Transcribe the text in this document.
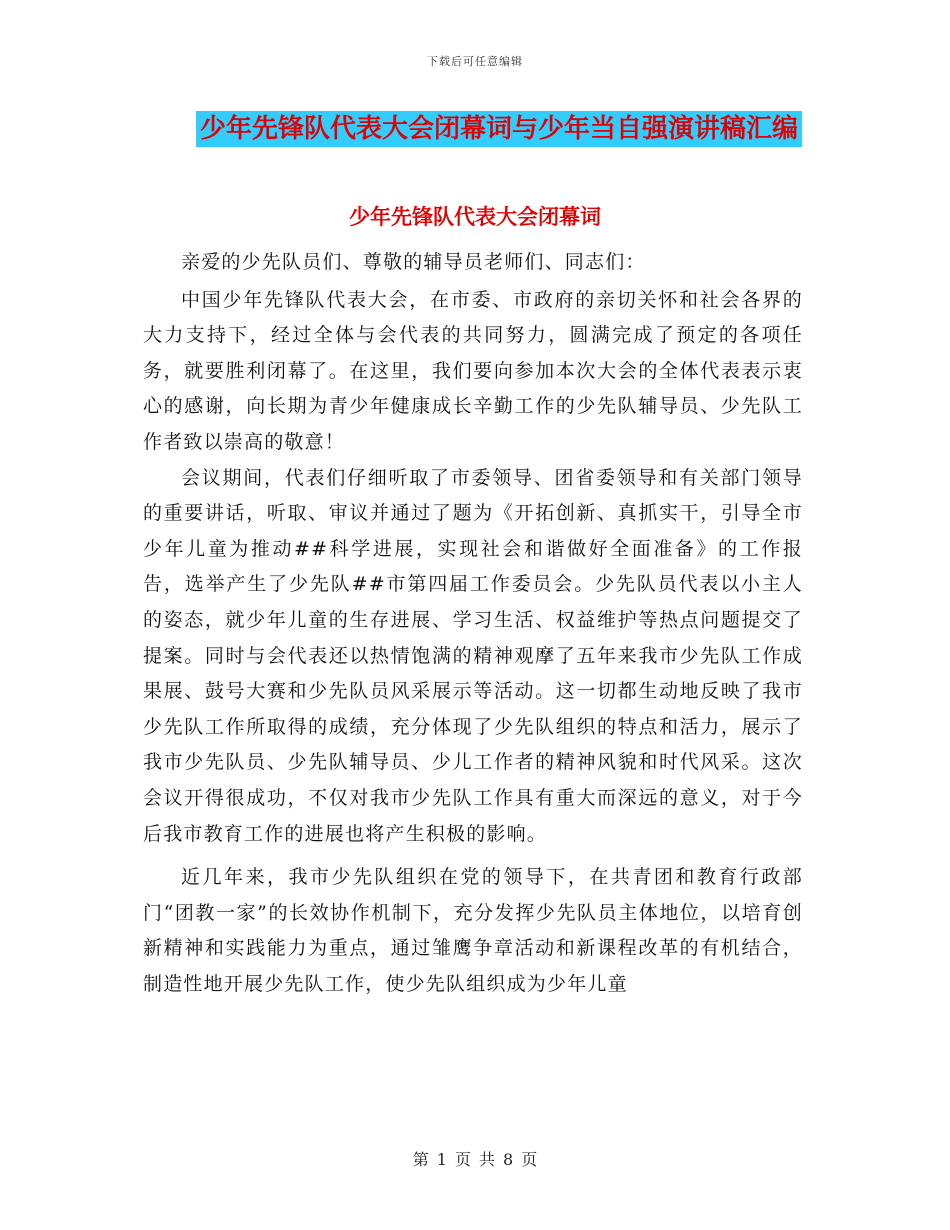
下载后可任意编辑
少年先锋队代表大会闭幕词与少年当自强演讲稿汇编
少年先锋队代表大会闭幕词

亲爱的少先队员们、尊敬的辅导员老师们、同志们：

中国少年先锋队代表大会，在市委、市政府的亲切关怀和社会各界的大力支持下，经过全体与会代表的共同努力，圆满完成了预定的各项任务，就要胜利闭幕了。在这里，我们要向参加本次大会的全体代表表示衷心的感谢，向长期为青少年健康成长辛勤工作的少先队辅导员、少先队工作者致以崇高的敬意！

会议期间，代表们仔细听取了市委领导、团省委领导和有关部门领导的重要讲话，听取、审议并通过了题为《开拓创新、真抓实干，引导全市少年儿童为推动##科学进展，实现社会和谐做好全面准备》的工作报告，选举产生了少先队##市第四届工作委员会。少先队员代表以小主人的姿态，就少年儿童的生存进展、学习生活、权益维护等热点问题提交了提案。同时与会代表还以热情饱满的精神观摩了五年来我市少先队工作成果展、鼓号大赛和少先队员风采展示等活动。这一切都生动地反映了我市少先队工作所取得的成绩，充分体现了少先队组织的特点和活力，展示了我市少先队员、少先队辅导员、少儿工作者的精神风貌和时代风采。这次会议开得很成功，不仅对我市少先队工作具有重大而深远的意义，对于今后我市教育工作的进展也将产生积极的影响。

近几年来，我市少先队组织在党的领导下，在共青团和教育行政部门“团教一家”的长效协作机制下，充分发挥少先队员主体地位，以培育创新精神和实践能力为重点，通过雏鹰争章活动和新课程改革的有机结合，制造性地开展少先队工作，使少先队组织成为少年儿童

第 1 页 共 8 页
